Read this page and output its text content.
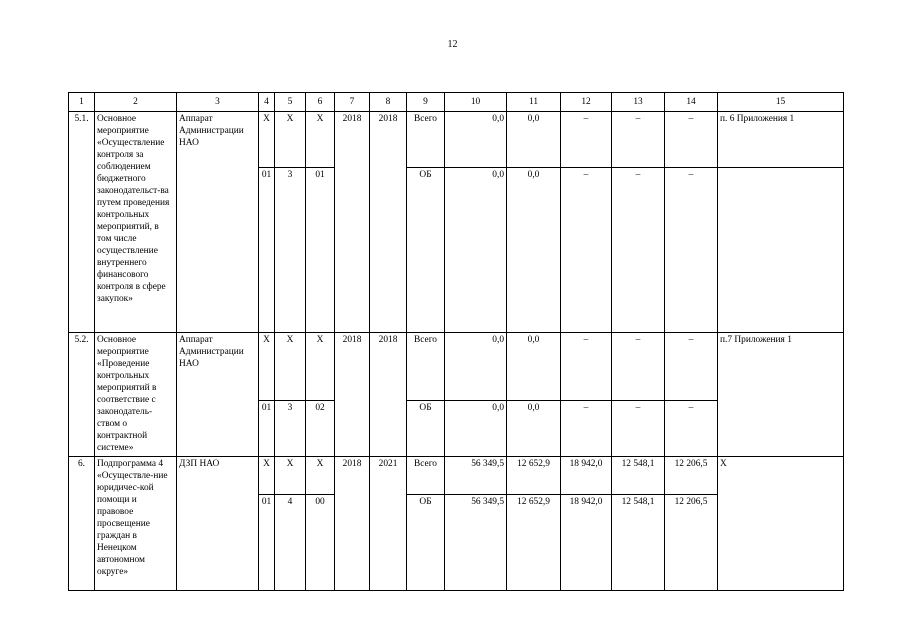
12
1	2	3	4	5	6	7	8	9	10	11	12	13	14	15
5.1.	Основное мероприятие «Осуществление контроля за соблюдением бюджетного законодательст-ва путем проведения контрольных мероприятий, в том числе осуществление внутреннего финансового контроля в сфере закупок»	Аппарат Администрации НАО	X	X	X	2018	2018	Всего	0,0	0,0	–	–	–	п. 6 Приложения 1
			01	3	01			ОБ	0,0	0,0	–	–	–	
5.2.	Основное мероприятие «Проведение контрольных мероприятий в соответствие с законодатель-ством о контрактной системе»	Аппарат Администрации НАО	X	X	X	2018	2018	Всего	0,0	0,0	–	–	–	п.7 Приложения 1
			01	3	02			ОБ	0,0	0,0	–	–	–	
6.	Подпрограмма 4 «Осуществле-ние юридичес-кой помощи и правовое просвещение граждан в Ненецком автономном округе»	ДЗП НАО	X	X	X	2018	2021	Всего	56 349,5	12 652,9	18 942,0	12 548,1	12 206,5	X
			01	4	00			ОБ	56 349,5	12 652,9	18 942,0	12 548,1	12 206,5	
